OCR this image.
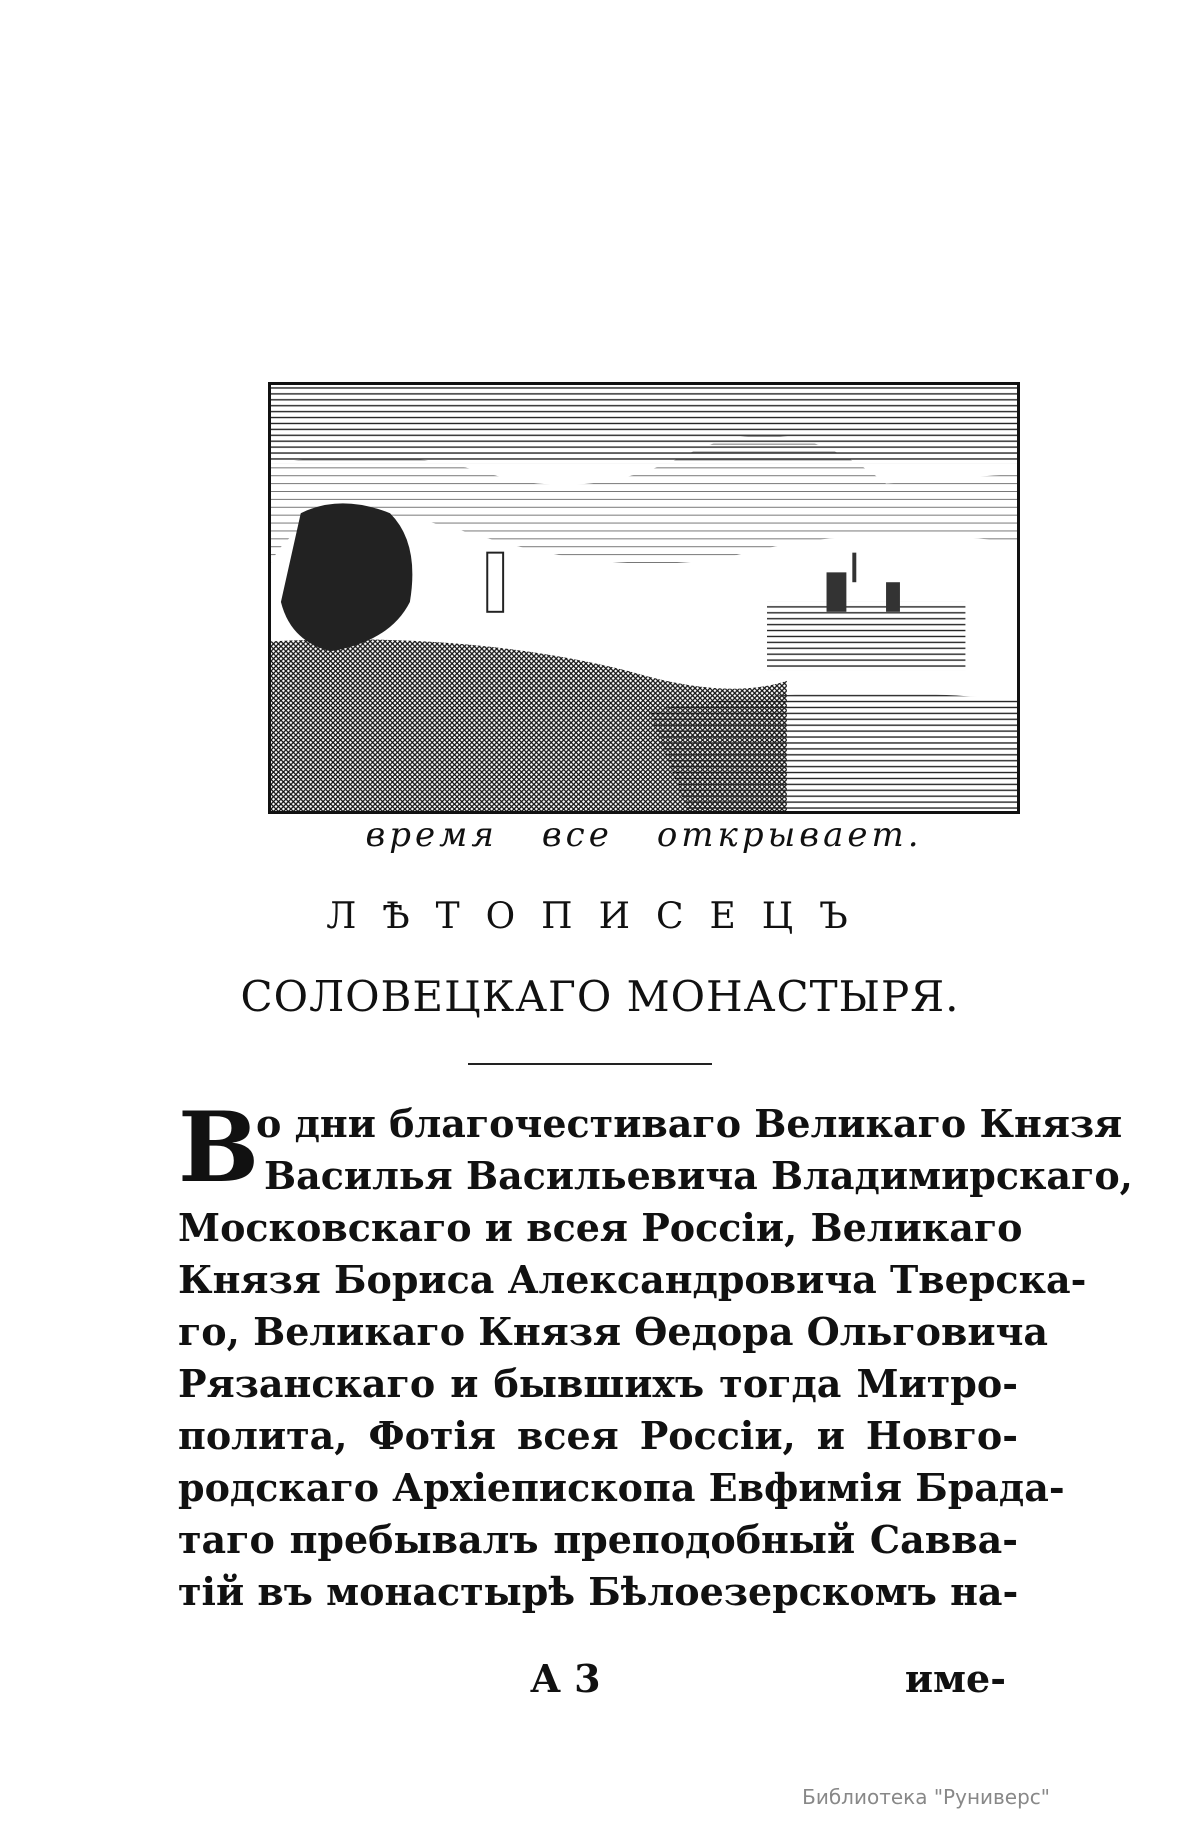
время все открывает.
ЛѢТОПИСЕЦЪ
СОЛОВЕЦКАГО МОНАСТЫРЯ.
В
о дни благочестиваго Великаго Князя
Василья Васильевича Владимирскаго,
Московскаго и всея Россіи, Великаго
Князя Бориса Александровича Тверска-
го, Великаго Князя Ѳедора Ольговича
Рязанскаго и бывшихъ тогда Митро-
полита, Фотія всея Россіи, и Новго-
родскаго Архіепископа Евфимія Брада-
таго пребывалъ преподобный Савва-
тій въ монастырѣ Бѣлоезерскомъ на-
А 3	име-
Библиотека "Руниверс"
